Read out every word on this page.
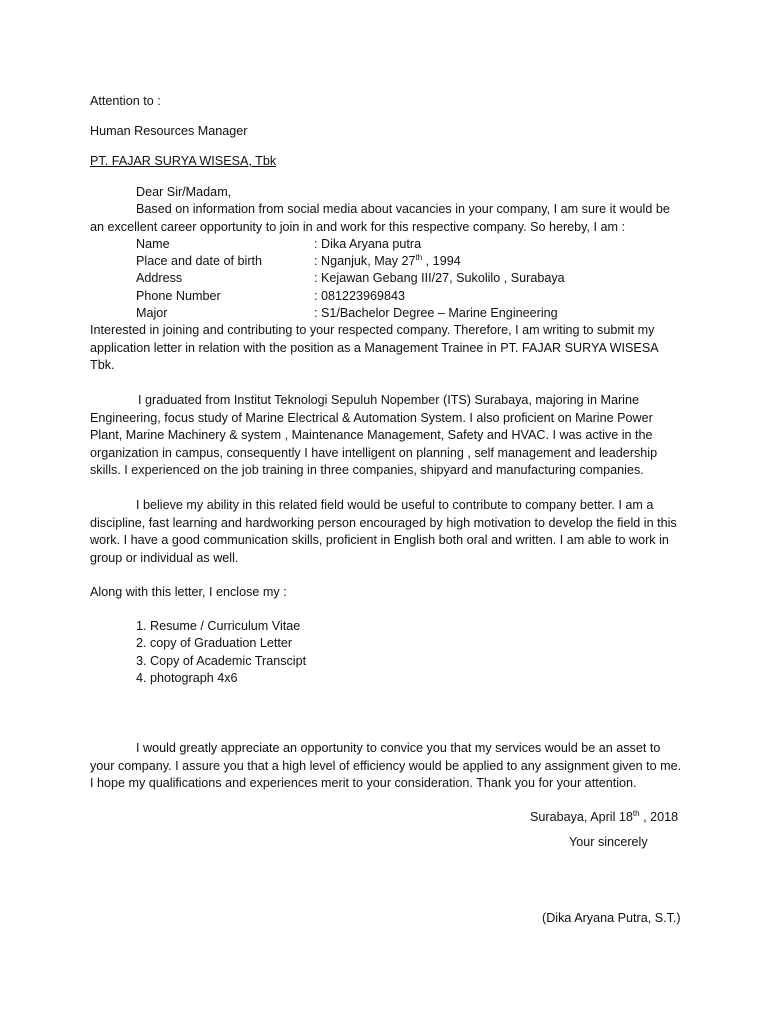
Attention to :
Human Resources Manager
PT. FAJAR SURYA WISESA, Tbk
Dear Sir/Madam,

Based on information from social media about vacancies in your company, I am sure it would be an excellent career opportunity to join in and work for this respective company. So hereby, I am :

Name	: Dika Aryana putra
Place and date of birth	: Nganjuk, May 27th , 1994
Address	: Kejawan Gebang III/27, Sukolilo , Surabaya
Phone Number	: 081223969843
Major	: S1/Bachelor Degree – Marine Engineering

Interested in joining and contributing to your respected company. Therefore, I am writing to submit my application letter in relation with the position as a Management Trainee in PT. FAJAR SURYA WISESA Tbk.

I graduated from Institut Teknologi Sepuluh Nopember (ITS) Surabaya, majoring in Marine Engineering, focus study of Marine Electrical & Automation System. I also proficient on Marine Power Plant, Marine Machinery & system , Maintenance Management, Safety and HVAC. I was active in the organization in campus, consequently I have intelligent on planning , self management and leadership skills. I experienced on the job training in three companies, shipyard and manufacturing companies.

I believe my ability in this related field would be useful to contribute to company better. I am a discipline, fast learning and hardworking person encouraged by high motivation to develop the field in this work. I have a good communication skills, proficient in English both oral and written. I am able to work in group or individual as well.

Along with this letter, I enclose my :
1. Resume / Curriculum Vitae
2. copy of Graduation Letter
3. Copy of Academic Transcipt
4. photograph 4x6

I would greatly appreciate an opportunity to convice you that my services would be an asset to your company. I assure you that a high level of efficiency would be applied to any assignment given to me. I hope my qualifications and experiences merit to your consideration. Thank you for your attention.

Surabaya, April 18th , 2018
Your sincerely
(Dika Aryana Putra, S.T.)
